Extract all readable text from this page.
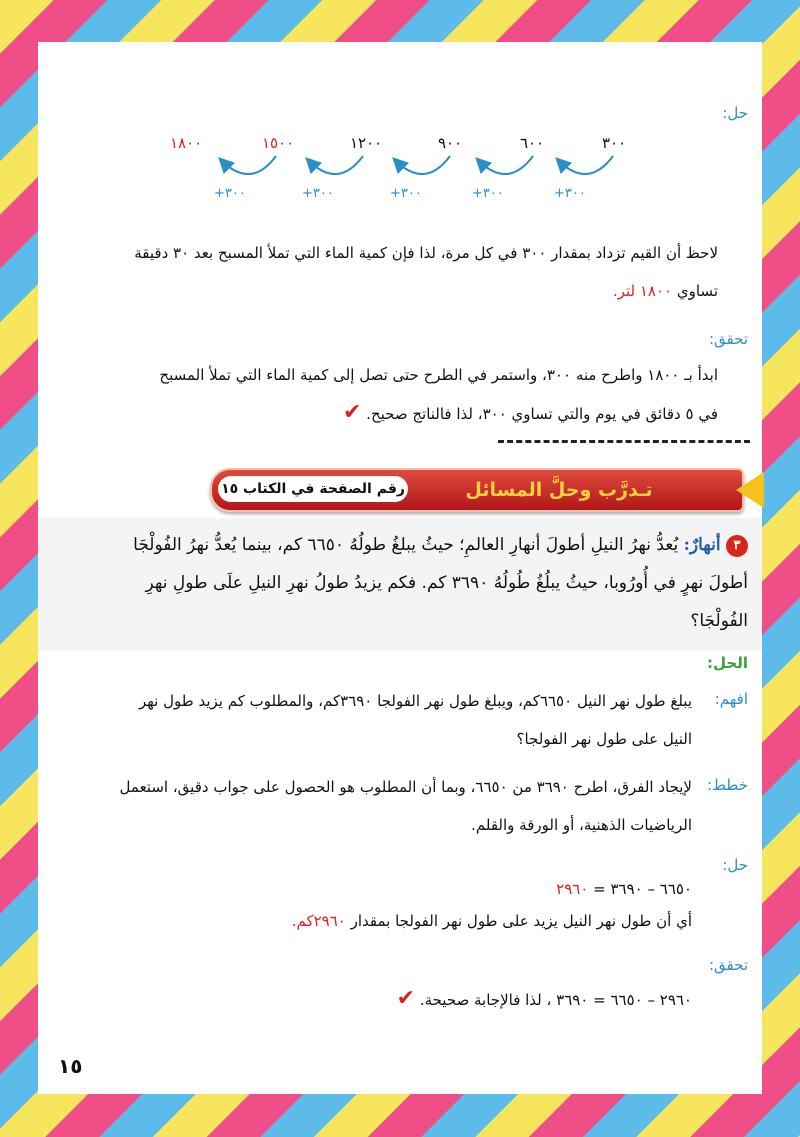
حل:
١٨٠٠	١٥٠٠	١٢٠٠	٩٠٠	٦٠٠	٣٠٠
+٣٠٠
+٣٠٠
+٣٠٠
+٣٠٠
+٣٠٠
لاحظ أن القيم تزداد بمقدار ٣٠٠ في كل مرة، لذا فإن كمية الماء التي تملأ المسبح بعد ٣٠ دقيقة
تساوي ١٨٠٠ لتر.
تحقق:
ابدأ بـ ١٨٠٠ واطرح منه ٣٠٠، واستمر في الطرح حتى تصل إلى كمية الماء التي تملأ المسبح
في ٥ دقائق في يوم والتي تساوي ٣٠٠، لذا فالناتج صحيح. ✔
رقم الصفحة في الكتاب ١٥	تـدرَّب وحلَّ المسائل
٣ أنهارٌ: يُعدُّ نهرُ النيلِ أطولَ أنهارِ العالمِ؛ حيثُ يبلغُ طولُهُ ٦٦٥٠ كم، بينما يُعدُّ نهرُ الفُولْجَا
أطولَ نهرٍ في أُورُوبا، حيثُ يبلُغُ طُولُهُ ٣٦٩٠ كم. فكم يزيدُ طولُ نهرِ النيلِ علَى طولِ نهرِ
الفُولْجَا؟
الحل:
افهم:
يبلغ طول نهر النيل ٦٦٥٠كم، ويبلغ طول نهر الفولجا ٣٦٩٠كم، والمطلوب كم يزيد طول نهر
النيل على طول نهر الفولجا؟
خطط:
لإيجاد الفرق، اطرح ٣٦٩٠ من ٦٦٥٠، وبما أن المطلوب هو الحصول على جواب دقيق، استعمل
الرياضيات الذهنية، أو الورقة والقلم.
حل:
٦٦٥٠ – ٣٦٩٠ = ٢٩٦٠
أي أن طول نهر النيل يزيد على طول نهر الفولجا بمقدار ٢٩٦٠كم.
تحقق:
٢٩٦٠ – ٦٦٥٠ = ٣٦٩٠ ، لذا فالإجابة صحيحة. ✔
١٥
